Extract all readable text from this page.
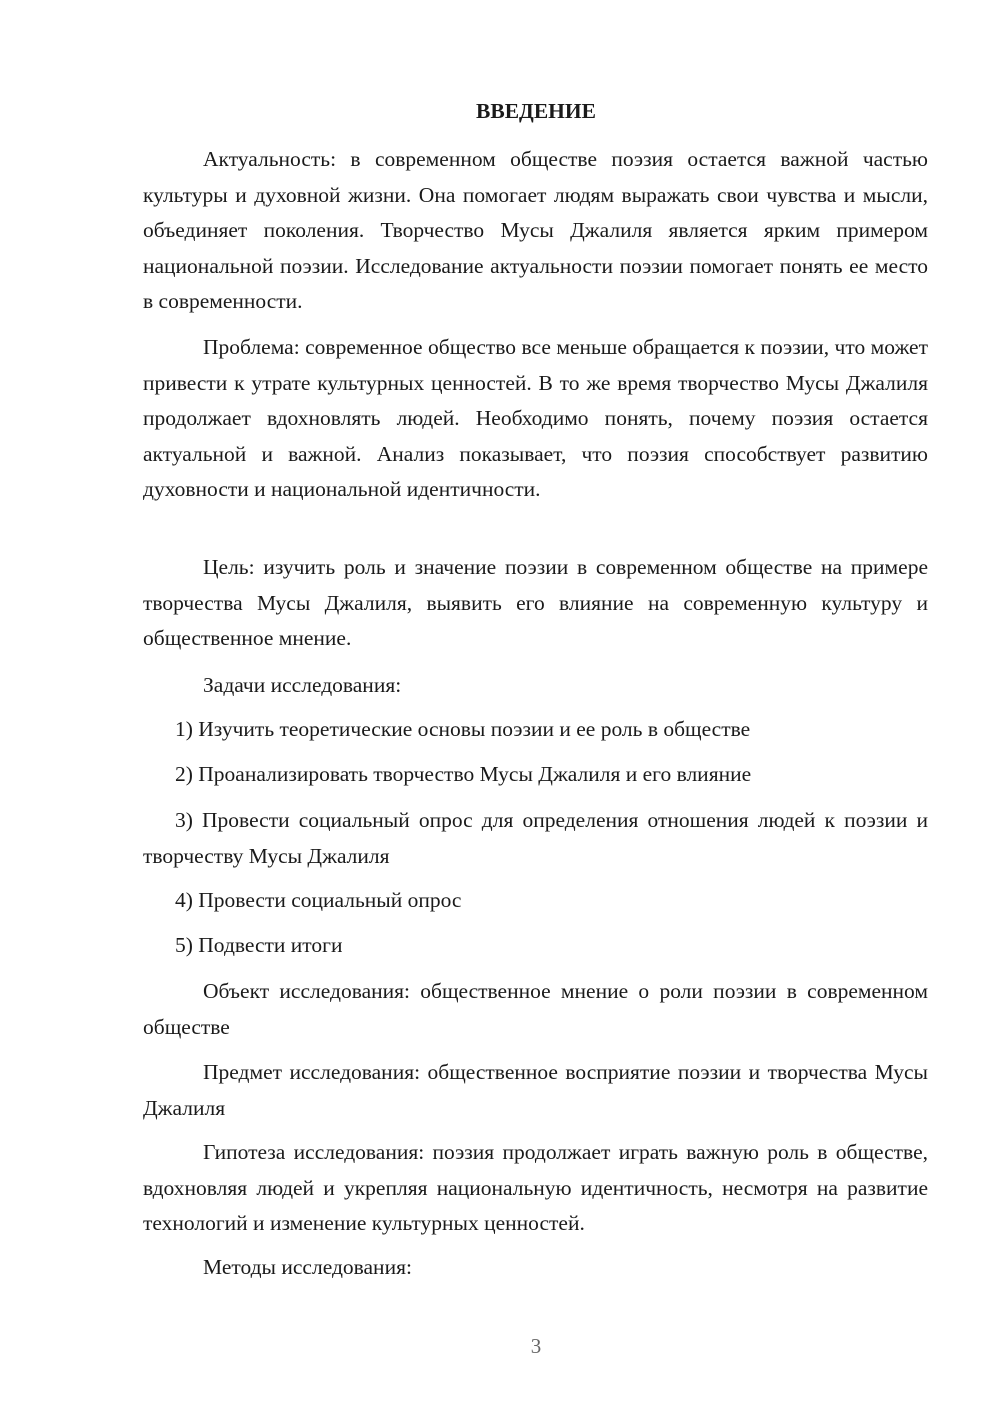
ВВЕДЕНИЕ

Актуальность: в современном обществе поэзия остается важной частью культуры и духовной жизни. Она помогает людям выражать свои чувства и мысли, объединяет поколения. Творчество Мусы Джалиля является ярким примером национальной поэзии. Исследование актуальности поэзии помогает понять ее место в современности.

Проблема: современное общество все меньше обращается к поэзии, что может привести к утрате культурных ценностей. В то же время творчество Мусы Джалиля продолжает вдохновлять людей. Необходимо понять, почему поэзия остается актуальной и важной. Анализ показывает, что поэзия способствует развитию духовности и национальной идентичности.

Цель: изучить роль и значение поэзии в современном обществе на примере творчества Мусы Джалиля, выявить его влияние на современную культуру и общественное мнение.

Задачи исследования:

1) Изучить теоретические основы поэзии и ее роль в обществе

2) Проанализировать творчество Мусы Джалиля и его влияние

3) Провести социальный опрос для определения отношения людей к поэзии и творчеству Мусы Джалиля

4) Провести социальный опрос

5) Подвести итоги

Объект исследования: общественное мнение о роли поэзии в современном обществе

Предмет исследования: общественное восприятие поэзии и творчества Мусы Джалиля

Гипотеза исследования: поэзия продолжает играть важную роль в обществе, вдохновляя людей и укрепляя национальную идентичность, несмотря на развитие технологий и изменение культурных ценностей.

Методы исследования:

3
